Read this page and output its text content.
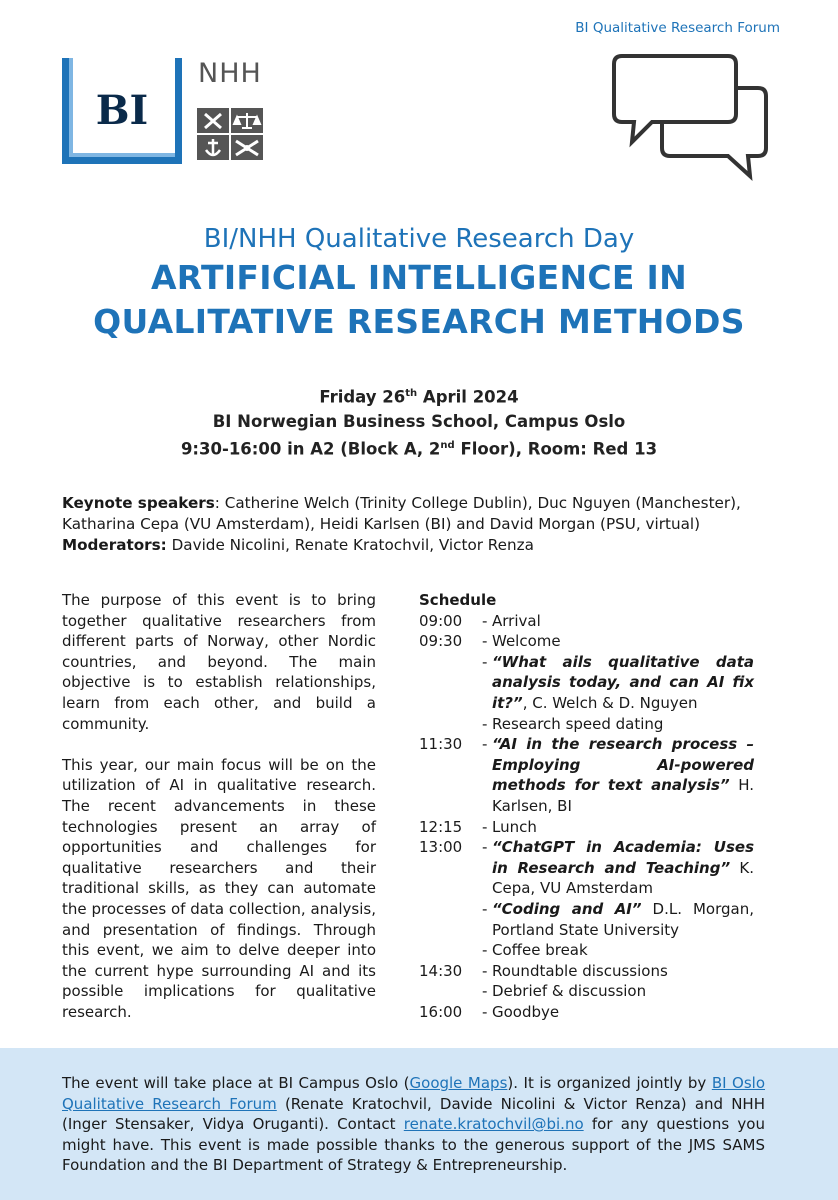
BI Qualitative Research Forum
BI
NHH
BI/NHH Qualitative Research Day
ARTIFICIAL INTELLIGENCE IN
QUALITATIVE RESEARCH METHODS
Friday 26th April 2024
BI Norwegian Business School, Campus Oslo
9:30-16:00 in A2 (Block A, 2nd Floor), Room: Red 13
Keynote speakers: Catherine Welch (Trinity College Dublin), Duc Nguyen (Manchester), Katharina Cepa (VU Amsterdam), Heidi Karlsen (BI) and David Morgan (PSU, virtual)
Moderators: Davide Nicolini, Renate Kratochvil, Victor Renza

The purpose of this event is to bring together qualitative researchers from different parts of Norway, other Nordic countries, and beyond. The main objective is to establish relationships, learn from each other, and build a community.

This year, our main focus will be on the utilization of AI in qualitative research. The recent advancements in these technologies present an array of opportunities and challenges for qualitative researchers and their traditional skills, as they can automate the processes of data collection, analysis, and presentation of findings. Through this event, we aim to delve deeper into the current hype surrounding AI and its possible implications for qualitative research.

Schedule
09:00	- Arrival
09:30	- Welcome
- “What ails qualitative data analysis today, and can AI fix it?”, C. Welch & D. Nguyen
- Research speed dating
11:30	- “AI in the research process – Employing AI-powered methods for text analysis” H. Karlsen, BI
12:15	- Lunch
13:00	- “ChatGPT in Academia: Uses in Research and Teaching” K. Cepa, VU Amsterdam
- “Coding and AI” D.L. Morgan, Portland State University
- Coffee break
14:30	- Roundtable discussions
- Debrief & discussion
16:00	- Goodbye
The event will take place at BI Campus Oslo (Google Maps). It is organized jointly by BI Oslo Qualitative Research Forum (Renate Kratochvil, Davide Nicolini & Victor Renza) and NHH (Inger Stensaker, Vidya Oruganti). Contact renate.kratochvil@bi.no for any questions you might have. This event is made possible thanks to the generous support of the JMS SAMS Foundation and the BI Department of Strategy & Entrepreneurship.
